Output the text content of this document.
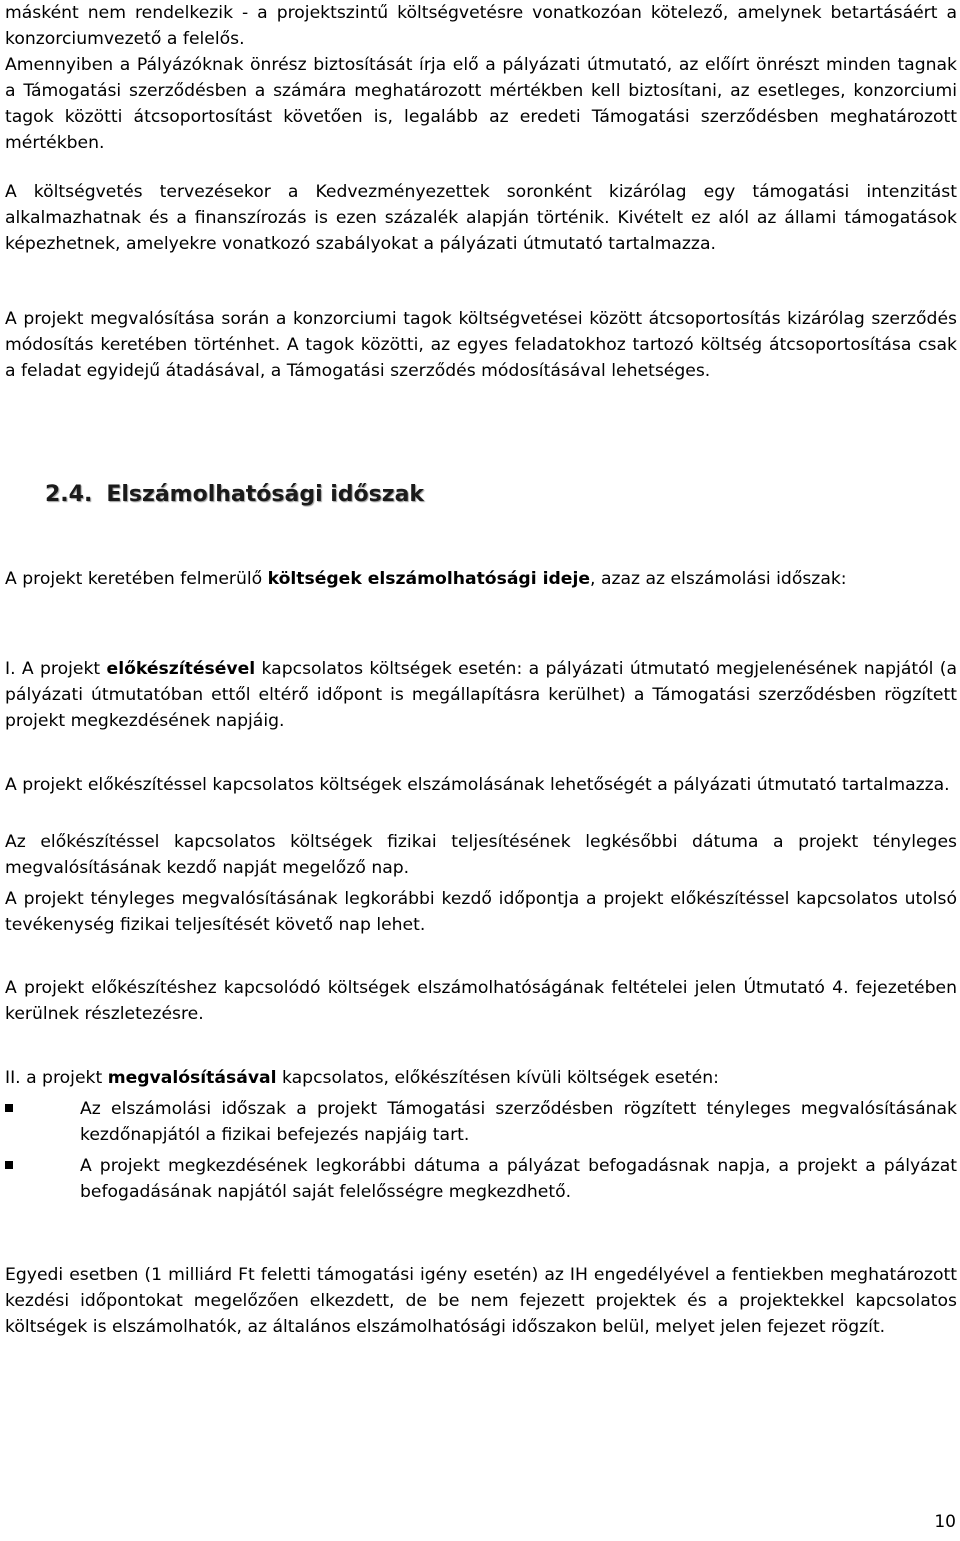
másként nem rendelkezik - a projektszintű költségvetésre vonatkozóan kötelező, amelynek betartásáért a konzorciumvezető a felelős.

Amennyiben a Pályázóknak önrész biztosítását írja elő a pályázati útmutató, az előírt önrészt minden tagnak a Támogatási szerződésben a számára meghatározott mértékben kell biztosítani, az esetleges, konzorciumi tagok közötti átcsoportosítást követően is, legalább az eredeti Támogatási szerződésben meghatározott mértékben.

A költségvetés tervezésekor a Kedvezményezettek soronként kizárólag egy támogatási intenzitást alkalmazhatnak és a finanszírozás is ezen százalék alapján történik. Kivételt ez alól az állami támogatások képezhetnek, amelyekre vonatkozó szabályokat a pályázati útmutató tartalmazza.

A projekt megvalósítása során a konzorciumi tagok költségvetései között átcsoportosítás kizárólag szerződés módosítás keretében történhet. A tagok közötti, az egyes feladatokhoz tartozó költség átcsoportosítása csak a feladat egyidejű átadásával, a Támogatási szerződés módosításával lehetséges.

2.4. Elszámolhatósági időszak

A projekt keretében felmerülő költségek elszámolhatósági ideje, azaz az elszámolási időszak:

I. A projekt előkészítésével kapcsolatos költségek esetén: a pályázati útmutató megjelenésének napjától (a pályázati útmutatóban ettől eltérő időpont is megállapításra kerülhet) a Támogatási szerződésben rögzített projekt megkezdésének napjáig.

A projekt előkészítéssel kapcsolatos költségek elszámolásának lehetőségét a pályázati útmutató tartalmazza.

Az előkészítéssel kapcsolatos költségek fizikai teljesítésének legkésőbbi dátuma a projekt tényleges megvalósításának kezdő napját megelőző nap.

A projekt tényleges megvalósításának legkorábbi kezdő időpontja a projekt előkészítéssel kapcsolatos utolsó tevékenység fizikai teljesítését követő nap lehet.

A projekt előkészítéshez kapcsolódó költségek elszámolhatóságának feltételei jelen Útmutató 4. fejezetében kerülnek részletezésre.

II. a projekt megvalósításával kapcsolatos, előkészítésen kívüli költségek esetén:

Az elszámolási időszak a projekt Támogatási szerződésben rögzített tényleges megvalósításának kezdőnapjától a fizikai befejezés napjáig tart.
A projekt megkezdésének legkorábbi dátuma a pályázat befogadásnak napja, a projekt a pályázat befogadásának napjától saját felelősségre megkezdhető.

Egyedi esetben (1 milliárd Ft feletti támogatási igény esetén) az IH engedélyével a fentiekben meghatározott kezdési időpontokat megelőzően elkezdett, de be nem fejezett projektek és a projektekkel kapcsolatos költségek is elszámolhatók, az általános elszámolhatósági időszakon belül, melyet jelen fejezet rögzít.

10
